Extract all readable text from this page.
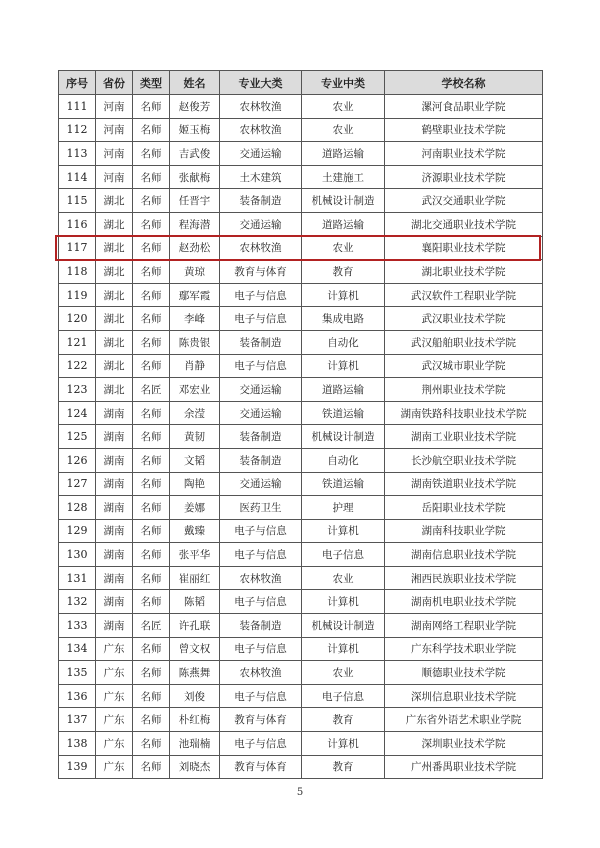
序号	省份	类型	姓名	专业大类	专业中类	学校名称
111	河南	名师	赵俊芳	农林牧渔	农业	漯河食品职业学院
112	河南	名师	姬玉梅	农林牧渔	农业	鹤壁职业技术学院
113	河南	名师	吉武俊	交通运输	道路运输	河南职业技术学院
114	河南	名师	张献梅	土木建筑	土建施工	济源职业技术学院
115	湖北	名师	任晋宇	装备制造	机械设计制造	武汉交通职业学院
116	湖北	名师	程海潜	交通运输	道路运输	湖北交通职业技术学院
117	湖北	名师	赵劲松	农林牧渔	农业	襄阳职业技术学院
118	湖北	名师	黄琼	教育与体育	教育	湖北职业技术学院
119	湖北	名师	鄢军霞	电子与信息	计算机	武汉软件工程职业学院
120	湖北	名师	李峰	电子与信息	集成电路	武汉职业技术学院
121	湖北	名师	陈贵银	装备制造	自动化	武汉船舶职业技术学院
122	湖北	名师	肖静	电子与信息	计算机	武汉城市职业学院
123	湖北	名匠	邓宏业	交通运输	道路运输	荆州职业技术学院
124	湖南	名师	余滢	交通运输	铁道运输	湖南铁路科技职业技术学院
125	湖南	名师	黄韧	装备制造	机械设计制造	湖南工业职业技术学院
126	湖南	名师	文韬	装备制造	自动化	长沙航空职业技术学院
127	湖南	名师	陶艳	交通运输	铁道运输	湖南铁道职业技术学院
128	湖南	名师	姜娜	医药卫生	护理	岳阳职业技术学院
129	湖南	名师	戴臻	电子与信息	计算机	湖南科技职业学院
130	湖南	名师	张平华	电子与信息	电子信息	湖南信息职业技术学院
131	湖南	名师	崔丽红	农林牧渔	农业	湘西民族职业技术学院
132	湖南	名师	陈韬	电子与信息	计算机	湖南机电职业技术学院
133	湖南	名匠	许孔联	装备制造	机械设计制造	湖南网络工程职业学院
134	广东	名师	曾文权	电子与信息	计算机	广东科学技术职业学院
135	广东	名师	陈燕舞	农林牧渔	农业	顺德职业技术学院
136	广东	名师	刘俊	电子与信息	电子信息	深圳信息职业技术学院
137	广东	名师	朴红梅	教育与体育	教育	广东省外语艺术职业学院
138	广东	名师	池瑞楠	电子与信息	计算机	深圳职业技术学院
139	广东	名师	刘晓杰	教育与体育	教育	广州番禺职业技术学院
5
